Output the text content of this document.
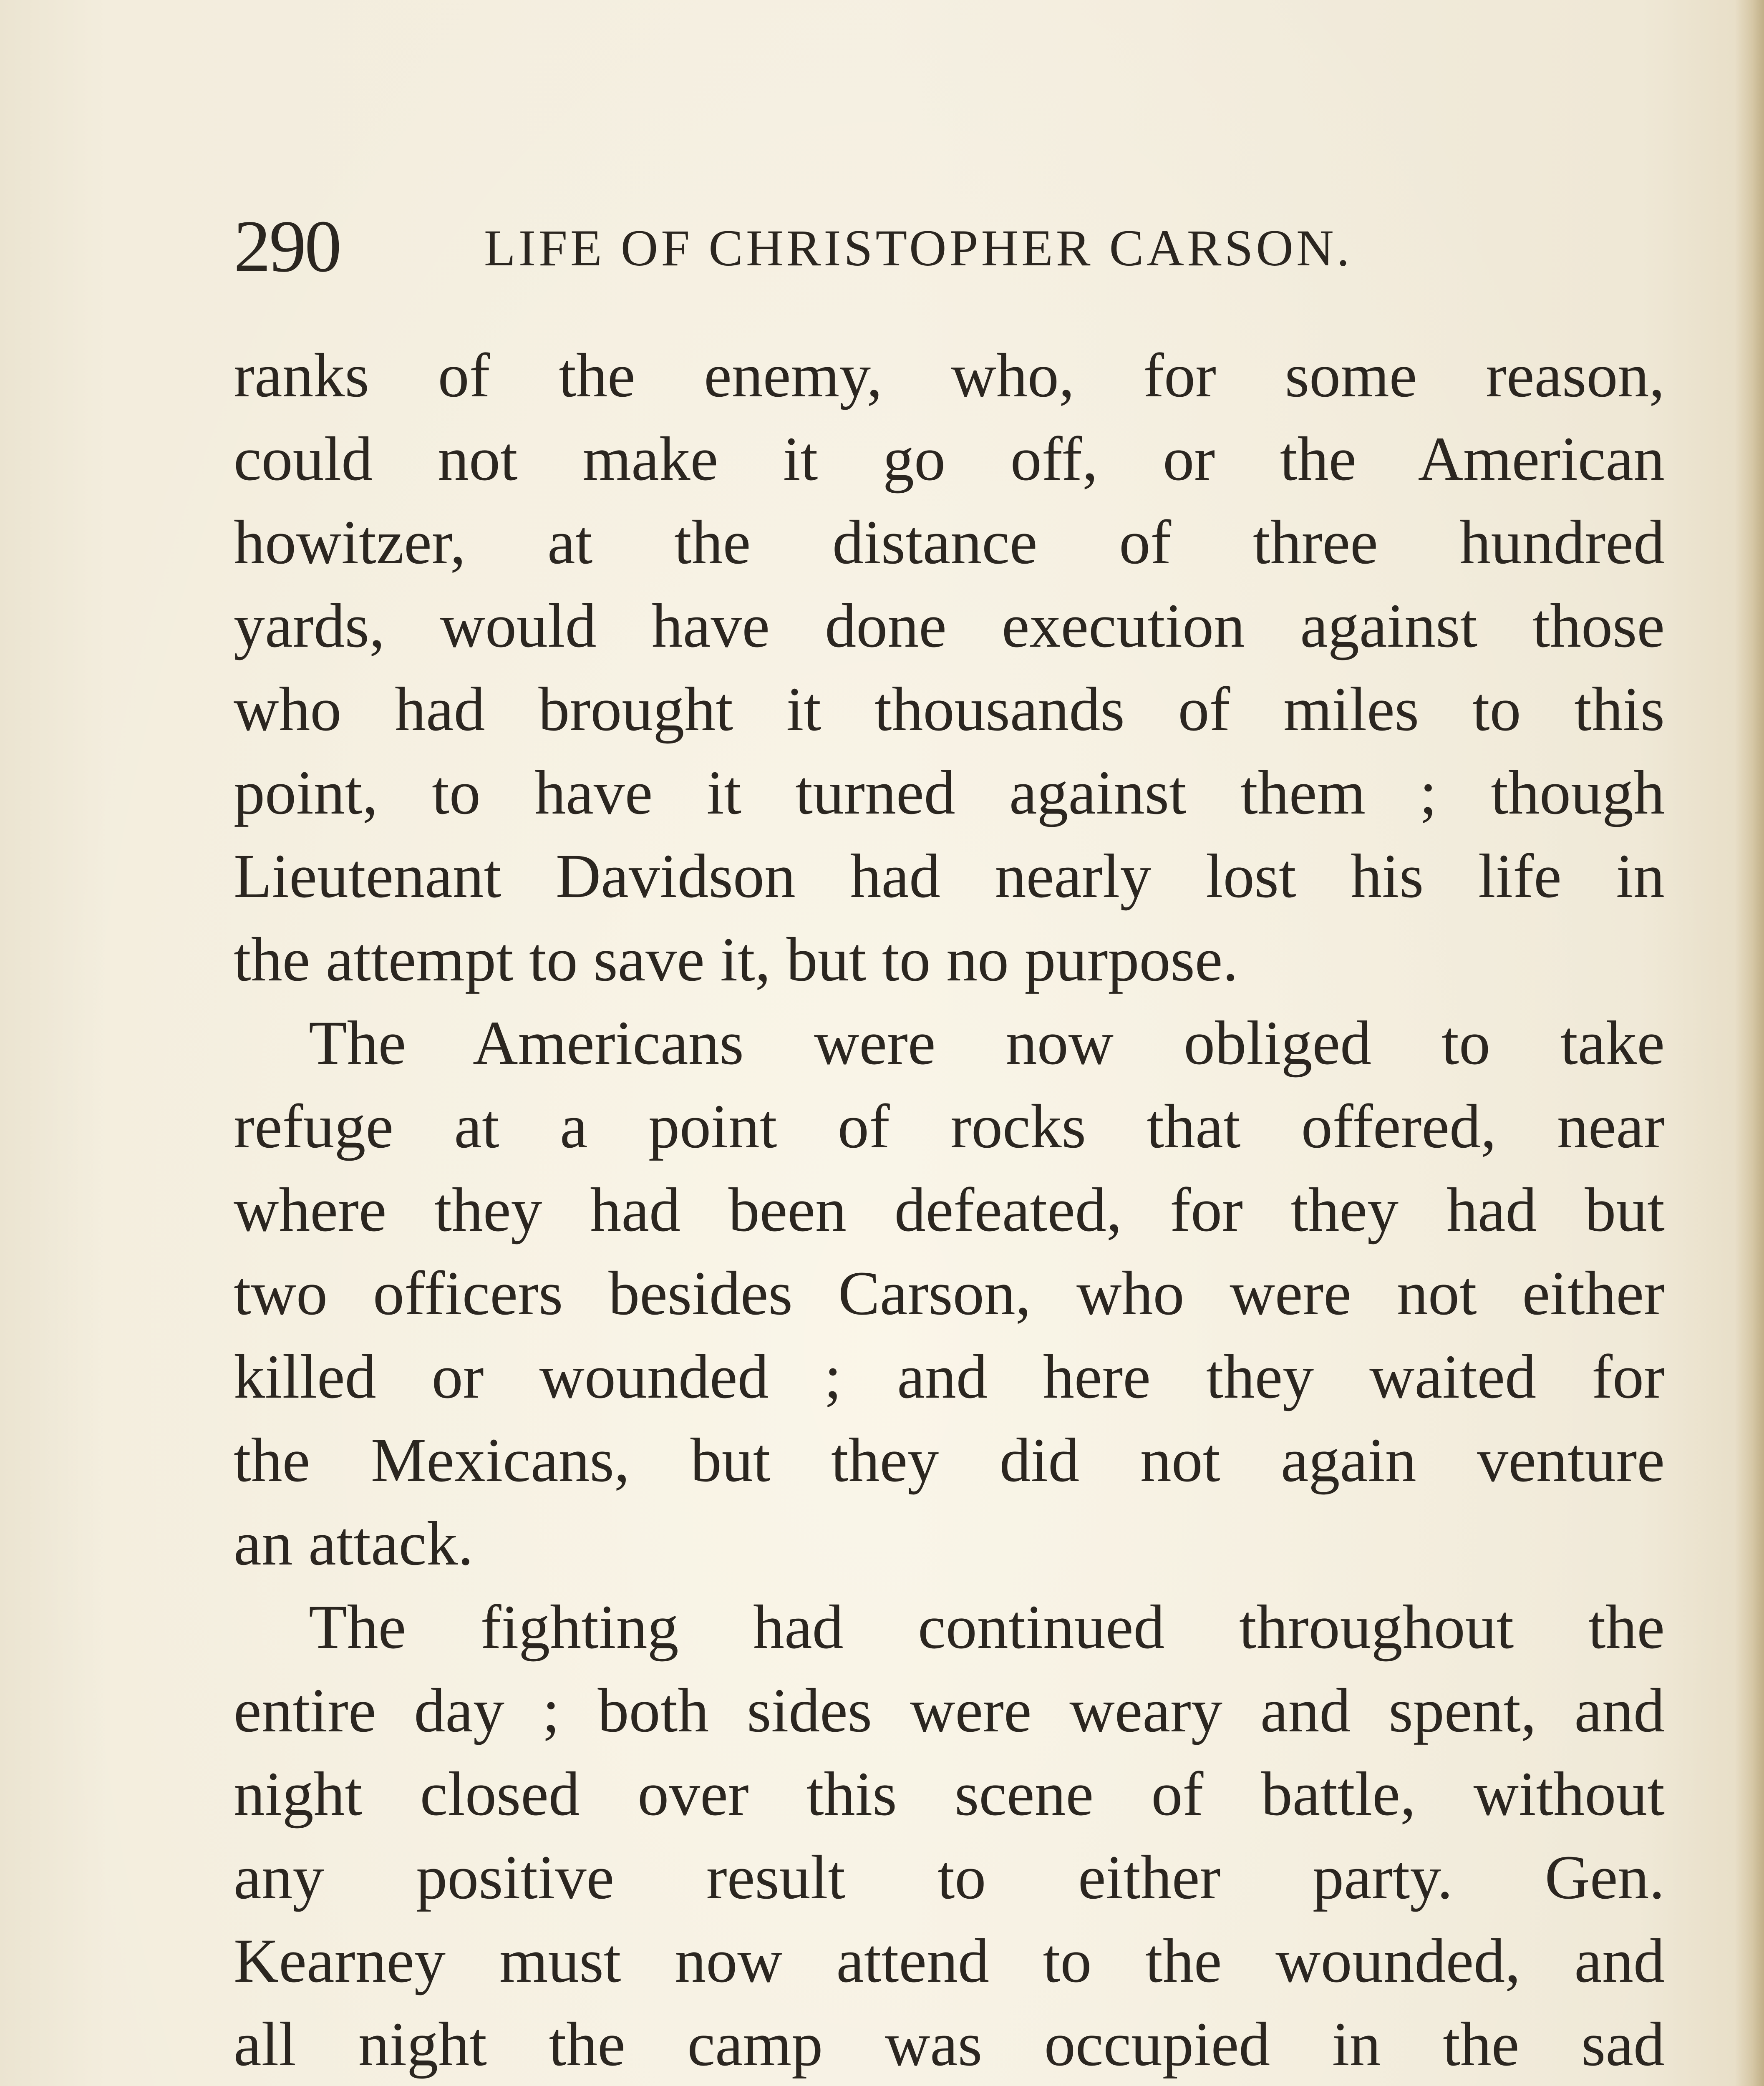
290	LIFE OF CHRISTOPHER CARSON.
ranks of the enemy, who, for some reason,
could not make it go off, or the American
howitzer, at the distance of three hundred
yards, would have done execution against those
who had brought it thousands of miles to this
point, to have it turned against them ; though
Lieutenant Davidson had nearly lost his life in
the attempt to save it, but to no purpose.
The Americans were now obliged to take
refuge at a point of rocks that offered, near
where they had been defeated, for they had but
two officers besides Carson, who were not either
killed or wounded ; and here they waited for
the Mexicans, but they did not again venture
an attack.
The fighting had continued throughout the
entire day ; both sides were weary and spent, and
night closed over this scene of battle, without
any positive result to either party. Gen.
Kearney must now attend to the wounded, and
all night the camp was occupied in the sad
